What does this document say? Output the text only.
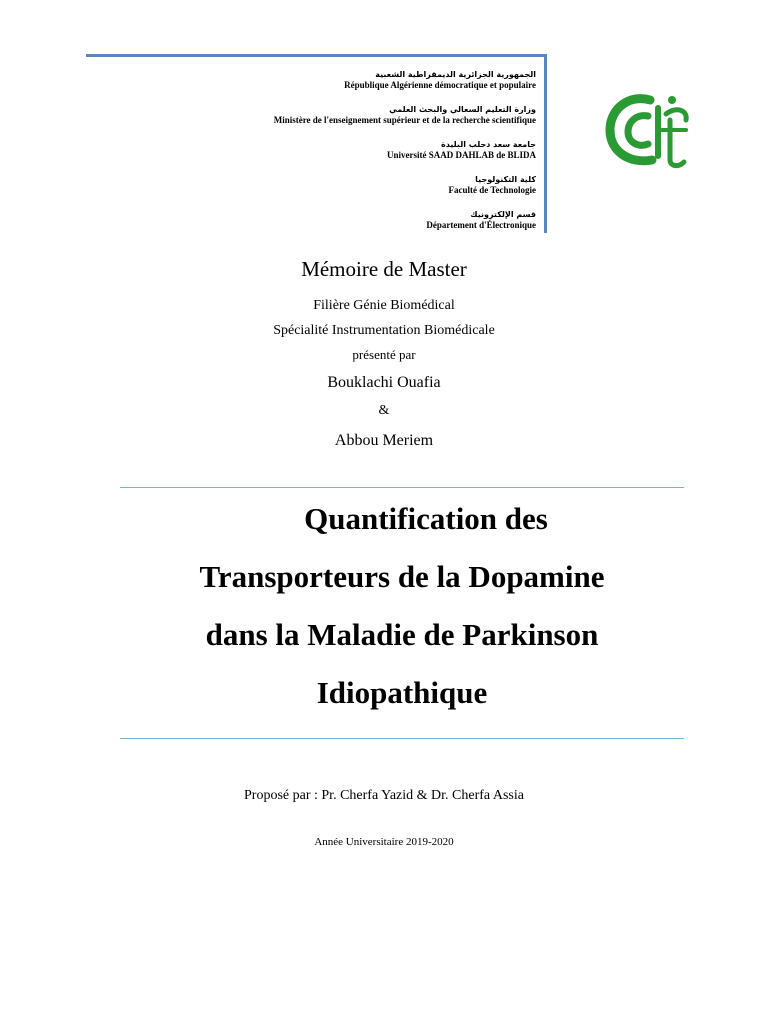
الجمهورية الجزائرية الديمقراطية الشعبية
République Algérienne démocratique et populaire
وزارة التعليم السعالي والبحث العلمي
Ministère de l'enseignement supérieur et de la recherche scientifique
جامعة سعد دحلب البليدة
Université SAAD DAHLAB de BLIDA
كلية التكنولوجيا
Faculté de Technologie
قسم الإلكترونيك
Département d'Électronique
Mémoire de Master
Filière Génie Biomédical
Spécialité Instrumentation Biomédicale
présenté par
Bouklachi Ouafia
&
Abbou Meriem
Quantification des
Transporteurs de la Dopamine
dans la Maladie de Parkinson
Idiopathique
Proposé par : Pr. Cherfa Yazid & Dr. Cherfa Assia
Année Universitaire 2019-2020
